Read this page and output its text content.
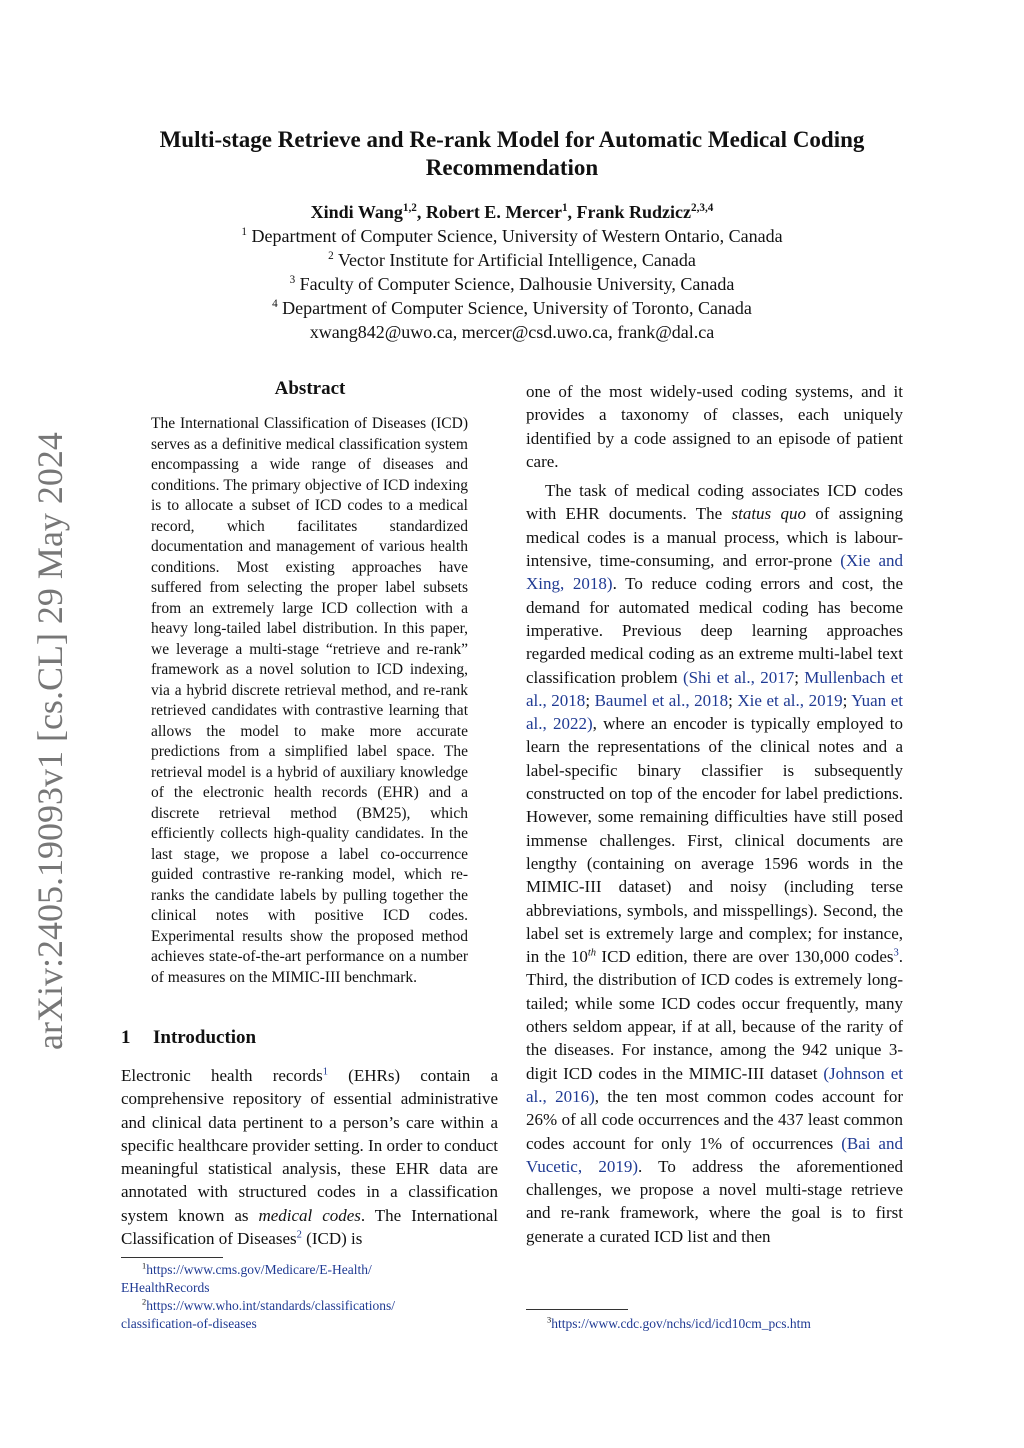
arXiv:2405.19093v1 [cs.CL] 29 May 2024
Multi-stage Retrieve and Re-rank Model for Automatic Medical Coding
Recommendation
Xindi Wang$^{1,2}$, Robert E. Mercer$^1$, Frank Rudzicz$^{2,3,4}$
$^1$ Department of Computer Science, University of Western Ontario, Canada
$^2$ Vector Institute for Artificial Intelligence, Canada
$^3$ Faculty of Computer Science, Dalhousie University, Canada
$^4$ Department of Computer Science, University of Toronto, Canada
xwang842@uwo.ca, mercer@csd.uwo.ca, frank@dal.ca
Abstract
The International Classification of Diseases (ICD) serves as a definitive medical classification system encompassing a wide range of diseases and conditions. The primary objective of ICD indexing is to allocate a subset of ICD codes to a medical record, which facilitates standardized documentation and management of various health conditions. Most existing approaches have suffered from selecting the proper label subsets from an extremely large ICD collection with a heavy long-tailed label distribution. In this paper, we leverage a multi-stage “retrieve and re-rank” framework as a novel solution to ICD indexing, via a hybrid discrete retrieval method, and re-rank retrieved candidates with contrastive learning that allows the model to make more accurate predictions from a simplified label space. The retrieval model is a hybrid of auxiliary knowledge of the electronic health records (EHR) and a discrete retrieval method (BM25), which efficiently collects high-quality candidates. In the last stage, we propose a label co-occurrence guided contrastive re-ranking model, which re-ranks the candidate labels by pulling together the clinical notes with positive ICD codes. Experimental results show the proposed method achieves state-of-the-art performance on a number of measures on the MIMIC-III benchmark.
1 Introduction
Electronic health records$^1$ (EHRs) contain a comprehensive repository of essential administrative and clinical data pertinent to a person’s care within a specific healthcare provider setting. In order to conduct meaningful statistical analysis, these EHR data are annotated with structured codes in a classification system known as medical codes. The International Classification of Diseases$^2$ (ICD) is
$^1$https://www.cms.gov/Medicare/E-Health/
EHealthRecords
$^2$https://www.who.int/standards/classifications/
classification-of-diseases

one of the most widely-used coding systems, and it provides a taxonomy of classes, each uniquely identified by a code assigned to an episode of patient care.

The task of medical coding associates ICD codes with EHR documents. The status quo of assigning medical codes is a manual process, which is labour-intensive, time-consuming, and error-prone (Xie and Xing, 2018). To reduce coding errors and cost, the demand for automated medical coding has become imperative. Previous deep learning approaches regarded medical coding as an extreme multi-label text classification problem (Shi et al., 2017; Mullenbach et al., 2018; Baumel et al., 2018; Xie et al., 2019; Yuan et al., 2022), where an encoder is typically employed to learn the representations of the clinical notes and a label-specific binary classifier is subsequently constructed on top of the encoder for label predictions. However, some remaining difficulties have still posed immense challenges. First, clinical documents are lengthy (containing on average 1596 words in the MIMIC-III dataset) and noisy (including terse abbreviations, symbols, and misspellings). Second, the label set is extremely large and complex; for instance, in the 10th ICD edition, there are over 130,000 codes$^3$. Third, the distribution of ICD codes is extremely long-tailed; while some ICD codes occur frequently, many others seldom appear, if at all, because of the rarity of the diseases. For instance, among the 942 unique 3-digit ICD codes in the MIMIC-III dataset (Johnson et al., 2016), the ten most common codes account for 26% of all code occurrences and the 437 least common codes account for only 1% of occurrences (Bai and Vucetic, 2019). To address the aforementioned challenges, we propose a novel multi-stage retrieve and re-rank framework, where the goal is to first generate a curated ICD list and then

$^3$https://www.cdc.gov/nchs/icd/icd10cm_pcs.htm
